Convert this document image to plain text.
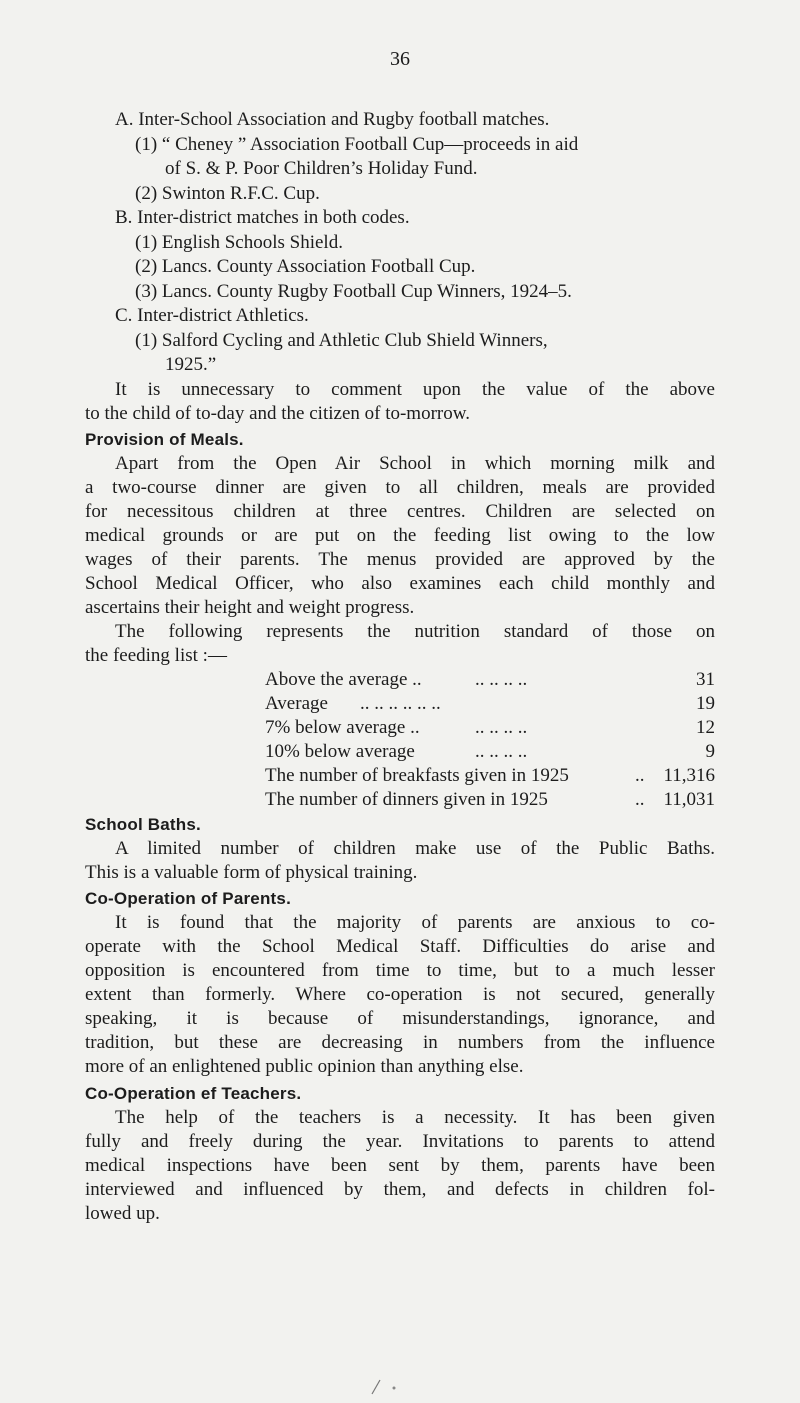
36
A. Inter-School Association and Rugby football matches.
(1) “ Cheney ” Association Football Cup—proceeds in aid
of S. & P. Poor Children’s Holiday Fund.
(2) Swinton R.F.C. Cup.
B. Inter-district matches in both codes.
(1) English Schools Shield.
(2) Lancs. County Association Football Cup.
(3) Lancs. County Rugby Football Cup Winners, 1924–5.
C. Inter-district Athletics.
(1) Salford Cycling and Athletic Club Shield Winners,
1925.”
It is unnecessary to comment upon the value of the above
to the child of to-day and the citizen of to-morrow.
Provision of Meals.
Apart from the Open Air School in which morning milk and
a two-course dinner are given to all children, meals are provided
for necessitous children at three centres. Children are selected on
medical grounds or are put on the feeding list owing to the low
wages of their parents. The menus provided are approved by the
School Medical Officer, who also examines each child monthly and
ascertains their height and weight progress.
The following represents the nutrition standard of those on
the feeding list :—
Above the average ..	.. .. .. ..	31
Average .. .. .. .. .. ..	19
7% below average ..	.. .. .. ..	12
10% below average	.. .. .. ..	9
The number of breakfasts given in 1925	.. 11,316
The number of dinners given in 1925	.. 11,031
School Baths.
A limited number of children make use of the Public Baths.
This is a valuable form of physical training.
Co-Operation of Parents.
It is found that the majority of parents are anxious to co-
operate with the School Medical Staff. Difficulties do arise and
opposition is encountered from time to time, but to a much lesser
extent than formerly. Where co-operation is not secured, generally
speaking, it is because of misunderstandings, ignorance, and
tradition, but these are decreasing in numbers from the influence
more of an enlightened public opinion than anything else.
Co-Operation ef Teachers.
The help of the teachers is a necessity. It has been given
fully and freely during the year. Invitations to parents to attend
medical inspections have been sent by them, parents have been
interviewed and influenced by them, and defects in children fol-
lowed up.
